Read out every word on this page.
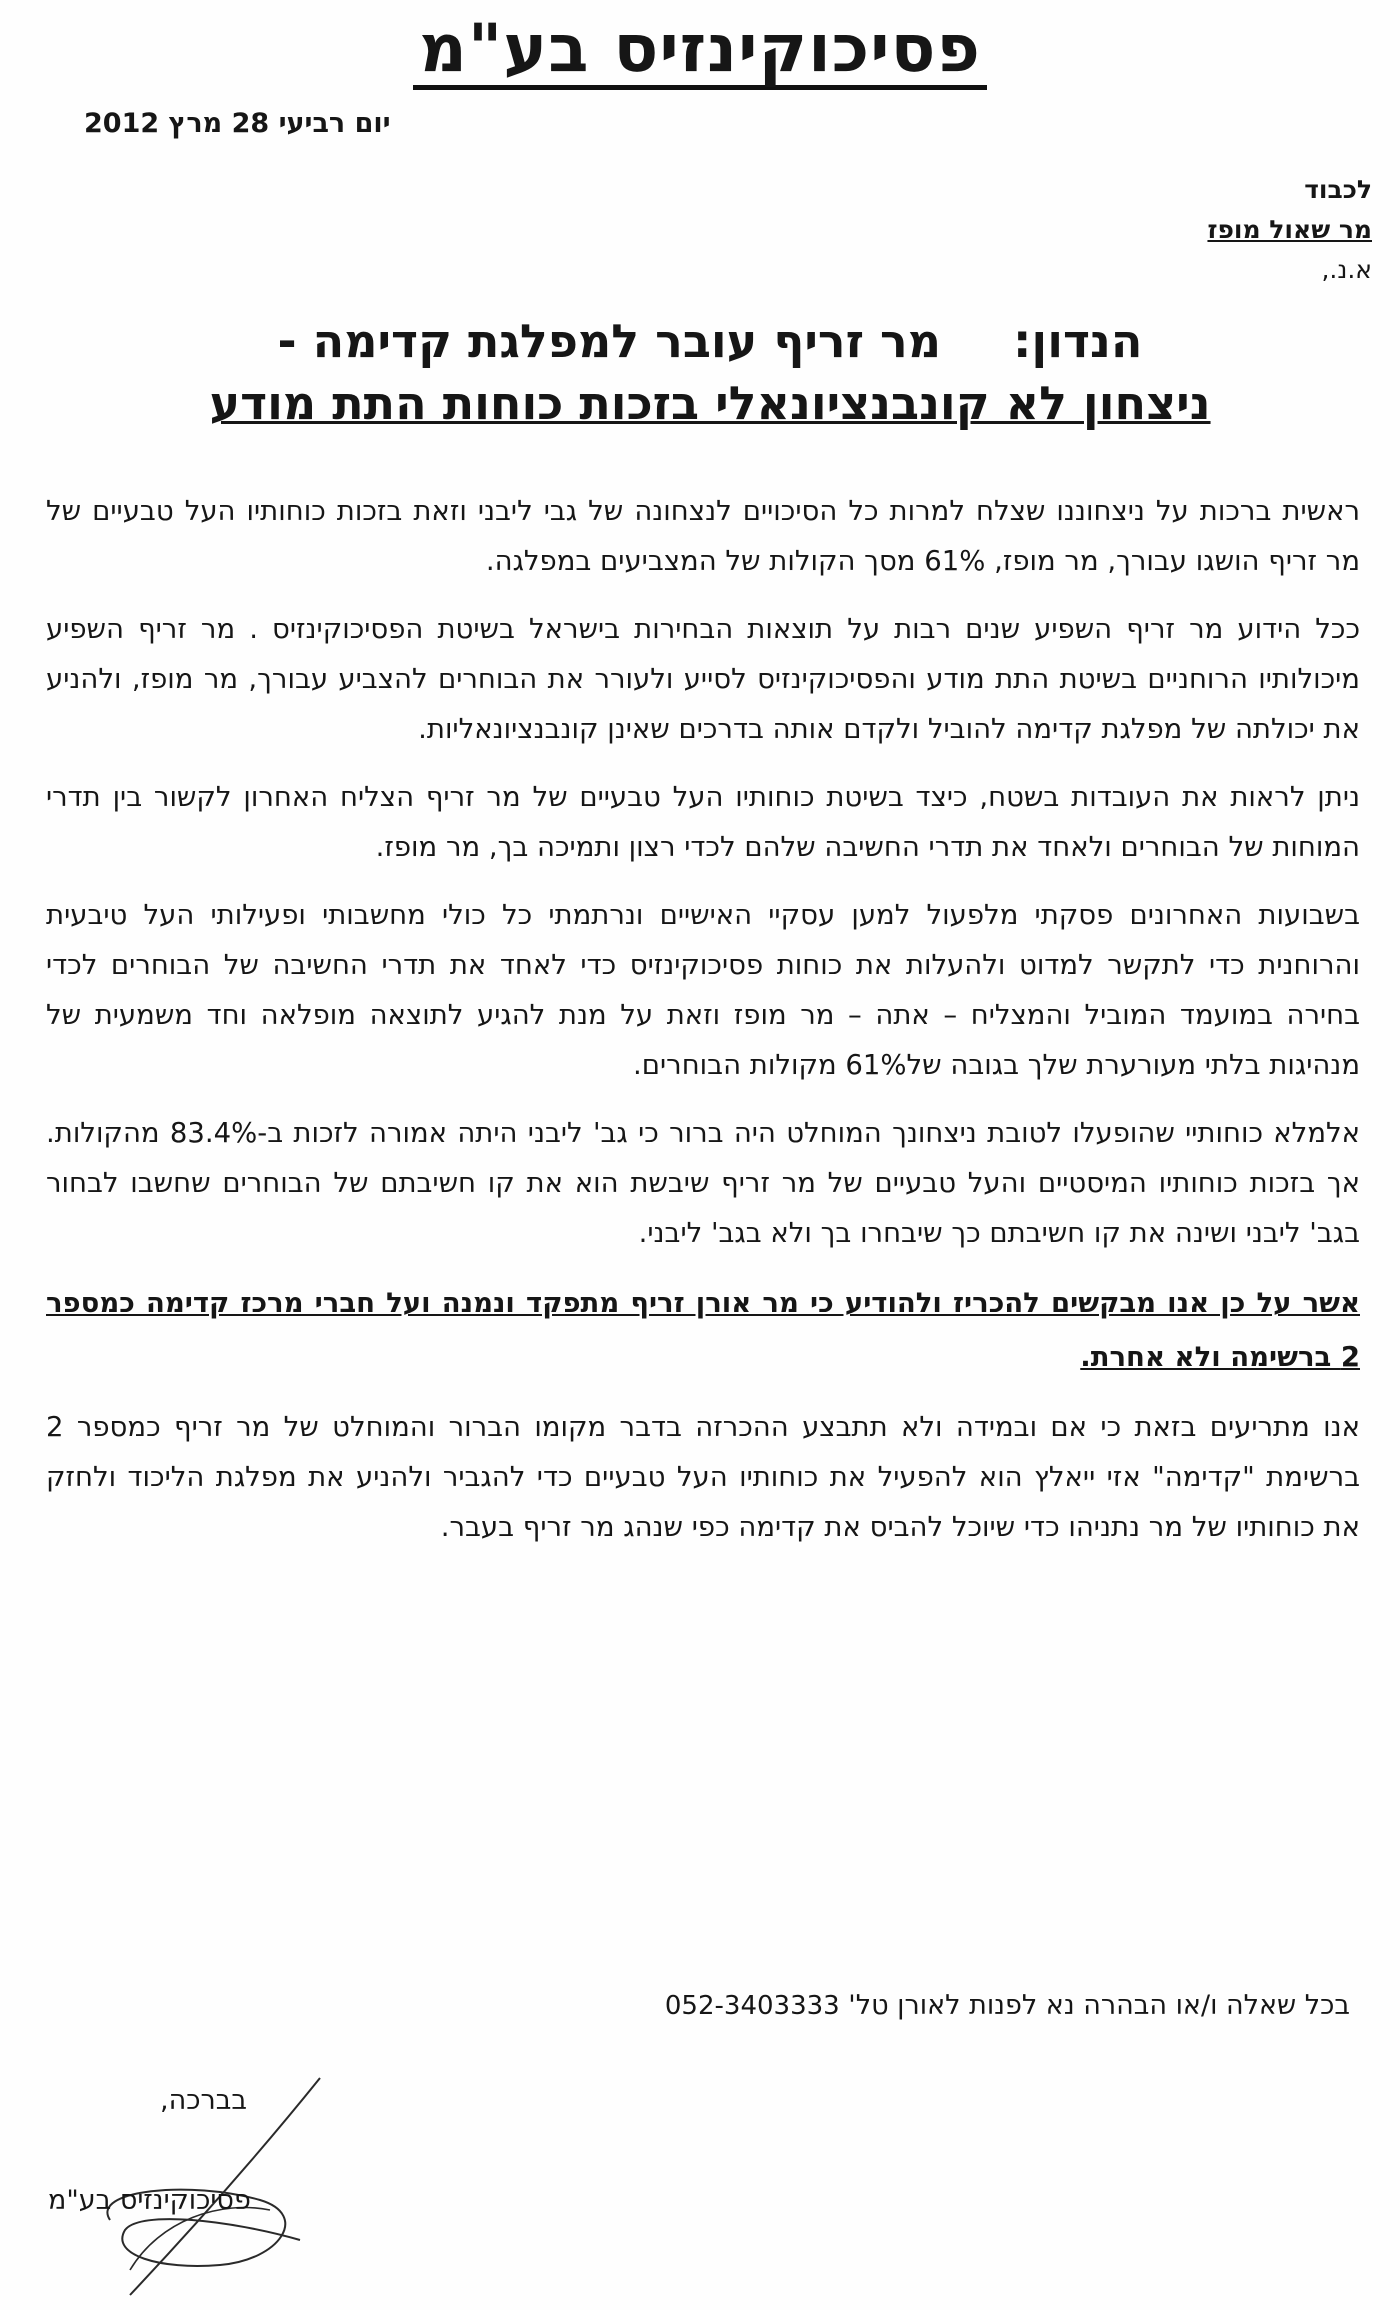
פסיכוקינזיס בע"מ
יום רביעי 28 מרץ 2012
לכבוד
מר שאול מופז
א.נ.,
הנדון:מר זריף עובר למפלגת קדימה -
ניצחון לא קונבנציונאלי בזכות כוחות התת מודע

ראשית ברכות על ניצחוננו שצלח למרות כל הסיכויים לנצחונה של גבי ליבני וזאת בזכות כוחותיו העל טבעיים של מר זריף הושגו עבורך, מר מופז, 61% מסך הקולות של המצביעים במפלגה.

ככל הידוע מר זריף השפיע שנים רבות על תוצאות הבחירות בישראל בשיטת הפסיכוקינזיס . מר זריף השפיע מיכולותיו הרוחניים בשיטת התת מודע והפסיכוקינזיס לסייע ולעורר את הבוחרים להצביע עבורך, מר מופז, ולהניע את יכולתה של מפלגת קדימה להוביל ולקדם אותה בדרכים שאינן קונבנציונאליות.

ניתן לראות את העובדות בשטח, כיצד בשיטת כוחותיו העל טבעיים של מר זריף הצליח האחרון לקשור בין תדרי המוחות של הבוחרים ולאחד את תדרי החשיבה שלהם לכדי רצון ותמיכה בך, מר מופז.

בשבועות האחרונים פסקתי מלפעול למען עסקיי האישיים ונרתמתי כל כולי מחשבותי ופעילותי העל טיבעית והרוחנית כדי לתקשר למדוט ולהעלות את כוחות פסיכוקינזיס כדי לאחד את תדרי החשיבה של הבוחרים לכדי בחירה במועמד המוביל והמצליח – אתה – מר מופז וזאת על מנת להגיע לתוצאה מופלאה וחד משמעית של מנהיגות בלתי מעורערת שלך בגובה של61% מקולות הבוחרים.

אלמלא כוחותיי שהופעלו לטובת ניצחונך המוחלט היה ברור כי גב' ליבני היתה אמורה לזכות ב-83.4% מהקולות. אך בזכות כוחותיו המיסטיים והעל טבעיים של מר זריף שיבשת הוא את קו חשיבתם של הבוחרים שחשבו לבחור בגב' ליבני ושינה את קו חשיבתם כך שיבחרו בך ולא בגב' ליבני.

אשר על כן אנו מבקשים להכריז ולהודיע כי מר אורן זריף מתפקד ונמנה ועל חברי מרכז קדימה כמספר 2 ברשימה ולא אחרת.

אנו מתריעים בזאת כי אם ובמידה ולא תתבצע ההכרזה בדבר מקומו הברור והמוחלט של מר זריף כמספר 2 ברשימת "קדימה" אזי ייאלץ הוא להפעיל את כוחותיו העל טבעיים כדי להגביר ולהניע את מפלגת הליכוד ולחזק את כוחותיו של מר נתניהו כדי שיוכל להביס את קדימה כפי שנהג מר זריף בעבר.

בכל שאלה ו/או הבהרה נא לפנות לאורן טל' 052-3403333
בברכה,
פסיכוקינזיס בע"מ
